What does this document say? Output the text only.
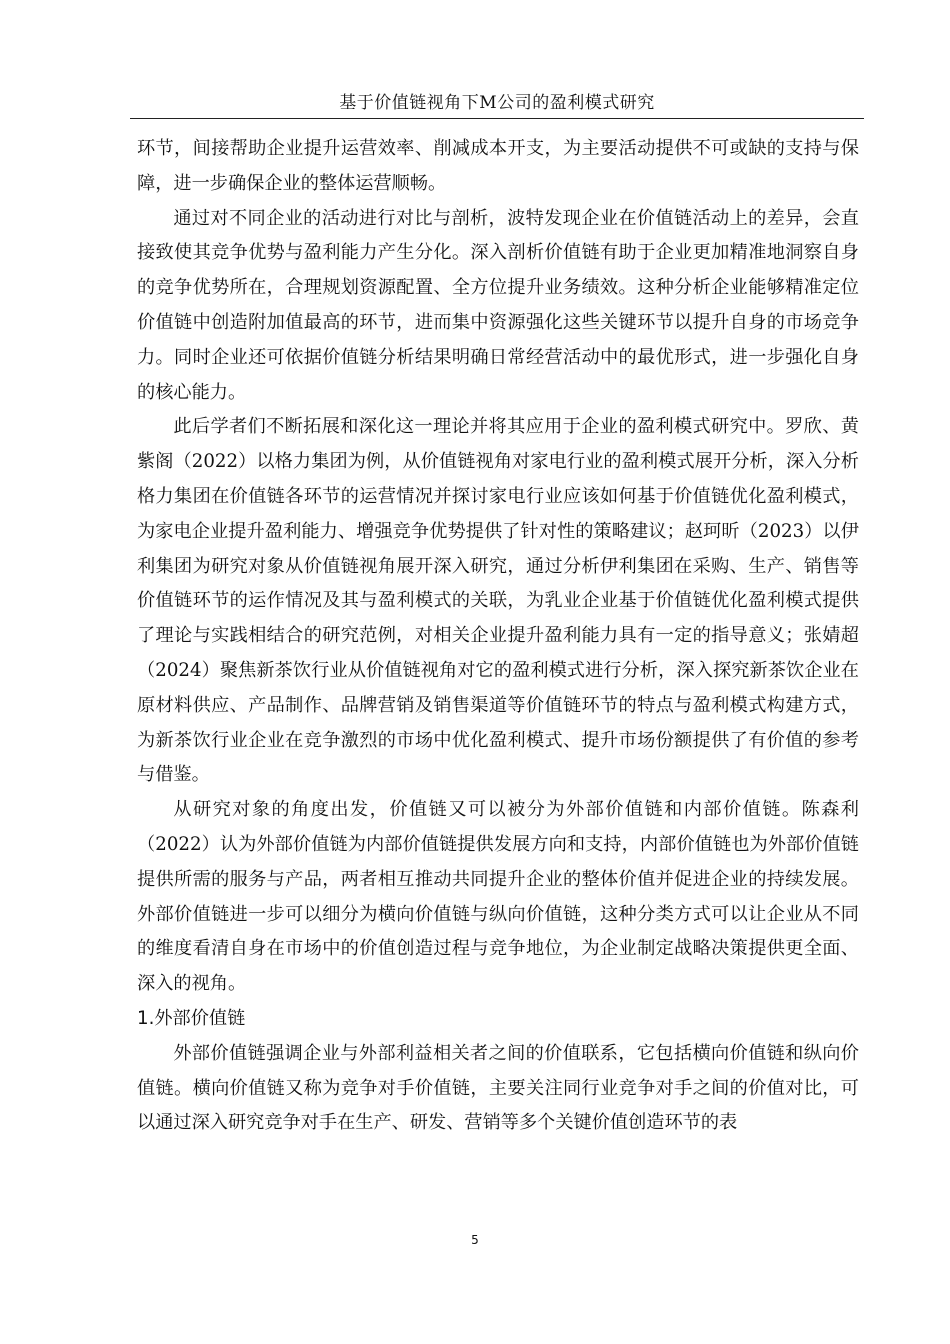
基于价值链视角下M公司的盈利模式研究

环节，间接帮助企业提升运营效率、削减成本开支，为主要活动提供不可或缺的支持与保障，进一步确保企业的整体运营顺畅。

通过对不同企业的活动进行对比与剖析，波特发现企业在价值链活动上的差异，会直接致使其竞争优势与盈利能力产生分化。深入剖析价值链有助于企业更加精准地洞察自身的竞争优势所在，合理规划资源配置、全方位提升业务绩效。这种分析企业能够精准定位价值链中创造附加值最高的环节，进而集中资源强化这些关键环节以提升自身的市场竞争力。同时企业还可依据价值链分析结果明确日常经营活动中的最优形式，进一步强化自身的核心能力。

此后学者们不断拓展和深化这一理论并将其应用于企业的盈利模式研究中。罗欣、黄紫阁（2022）以格力集团为例，从价值链视角对家电行业的盈利模式展开分析，深入分析格力集团在价值链各环节的运营情况并探讨家电行业应该如何基于价值链优化盈利模式，为家电企业提升盈利能力、增强竞争优势提供了针对性的策略建议；赵珂昕（2023）以伊利集团为研究对象从价值链视角展开深入研究，通过分析伊利集团在采购、生产、销售等价值链环节的运作情况及其与盈利模式的关联，为乳业企业基于价值链优化盈利模式提供了理论与实践相结合的研究范例，对相关企业提升盈利能力具有一定的指导意义；张婧超（2024）聚焦新茶饮行业从价值链视角对它的盈利模式进行分析，深入探究新茶饮企业在原材料供应、产品制作、品牌营销及销售渠道等价值链环节的特点与盈利模式构建方式，为新茶饮行业企业在竞争激烈的市场中优化盈利模式、提升市场份额提供了有价值的参考与借鉴。

从研究对象的角度出发，价值链又可以被分为外部价值链和内部价值链。陈森利（2022）认为外部价值链为内部价值链提供发展方向和支持，内部价值链也为外部价值链提供所需的服务与产品，两者相互推动共同提升企业的整体价值并促进企业的持续发展。外部价值链进一步可以细分为横向价值链与纵向价值链，这种分类方式可以让企业从不同的维度看清自身在市场中的价值创造过程与竞争地位，为企业制定战略决策提供更全面、深入的视角。

1.外部价值链

外部价值链强调企业与外部利益相关者之间的价值联系，它包括横向价值链和纵向价值链。横向价值链又称为竞争对手价值链，主要关注同行业竞争对手之间的价值对比，可以通过深入研究竞争对手在生产、研发、营销等多个关键价值创造环节的表

5
